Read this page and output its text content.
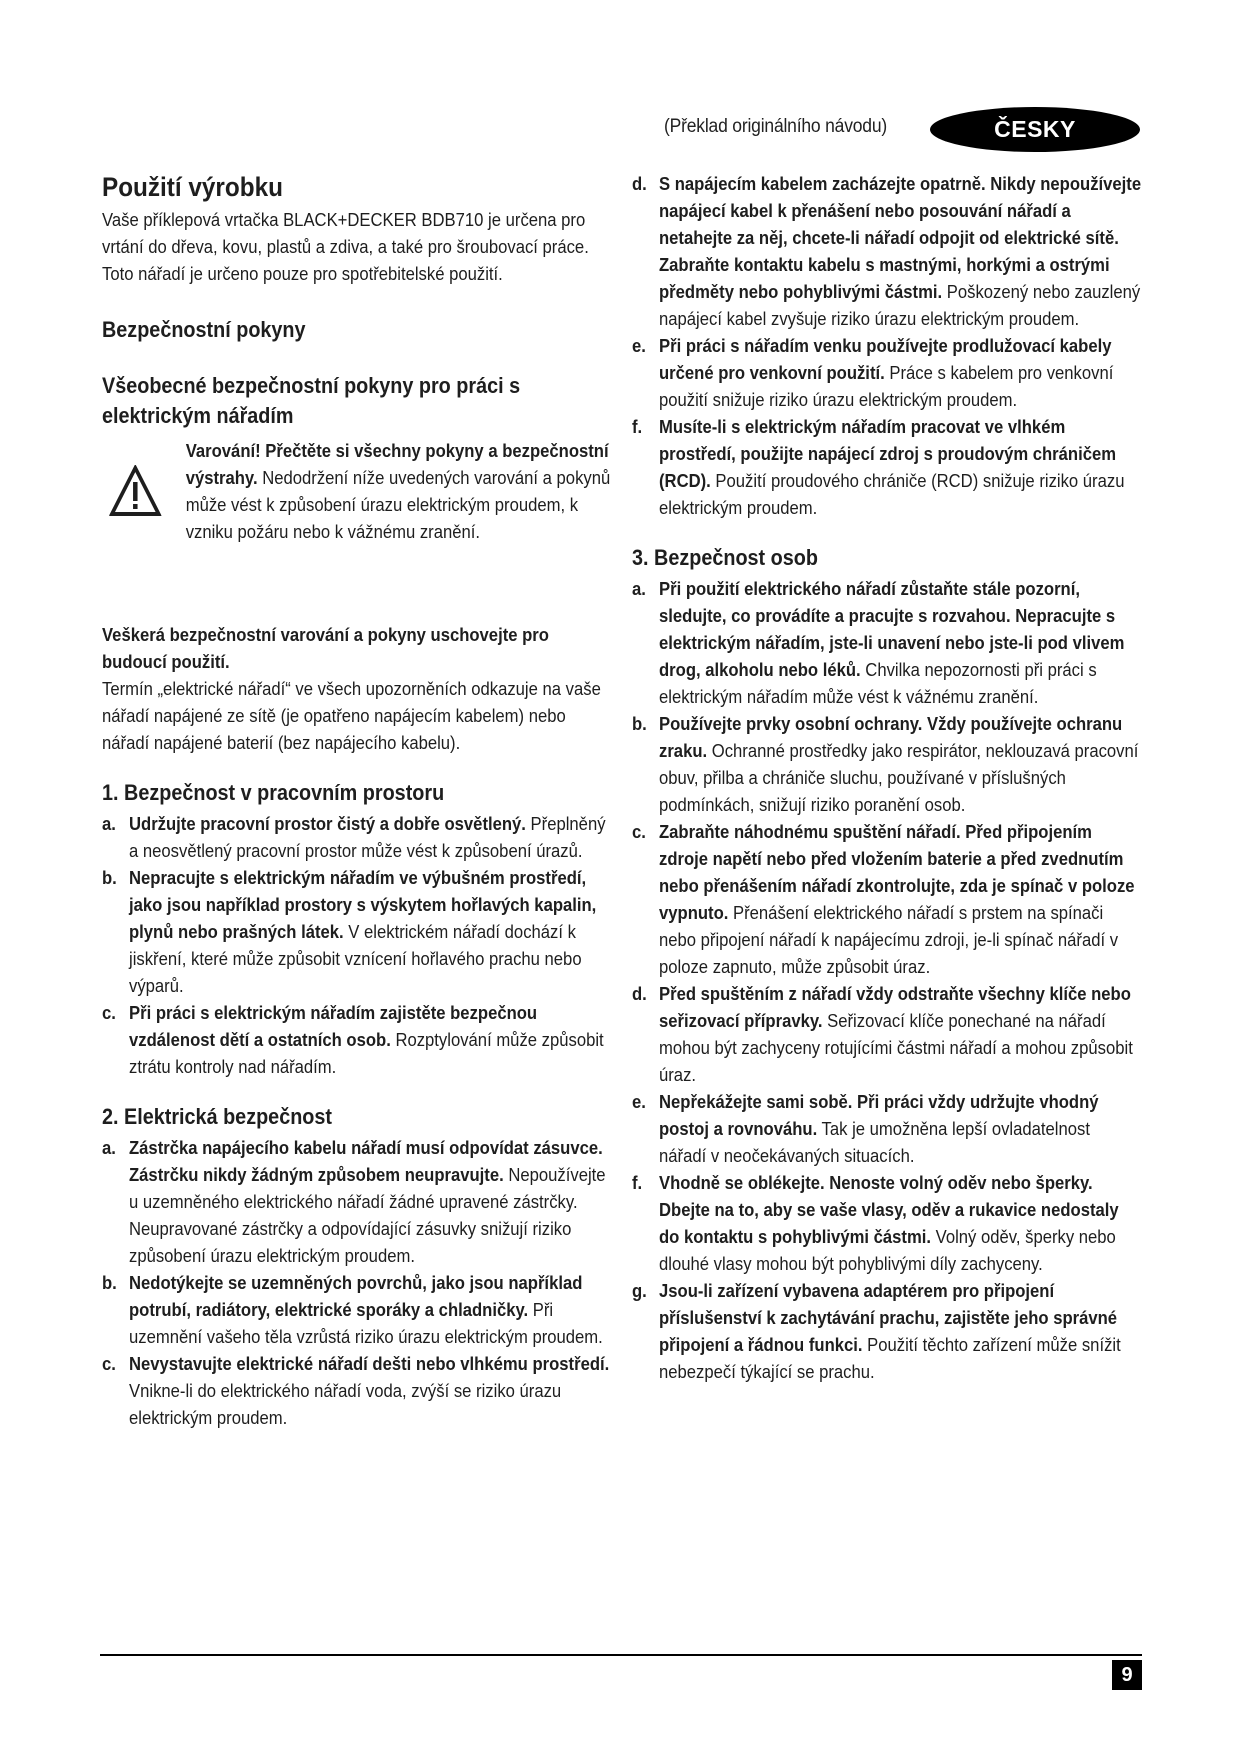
(Překlad originálního návodu)	ČESKY
Použití výrobku

Vaše příklepová vrtačka BLACK+DECKER BDB710 je určena pro vrtání do dřeva, kovu, plastů a zdiva, a také pro šroubovací práce. Toto nářadí je určeno pouze pro spotřebitelské použití.

Bezpečnostní pokyny
Všeobecné bezpečnostní pokyny pro práci s elektrickým nářadím

Varování! Přečtěte si všechny pokyny a bezpečnostní výstrahy. Nedodržení níže uvedených varování a pokynů může vést k způsobení úrazu elektrickým proudem, k vzniku požáru nebo k vážnému zranění.

Veškerá bezpečnostní varování a pokyny uschovejte pro budoucí použití.

Termín „elektrické nářadí“ ve všech upozorněních odkazuje na vaše nářadí napájené ze sítě (je opatřeno napájecím kabelem) nebo nářadí napájené baterií (bez napájecího kabelu).

1. Bezpečnost v pracovním prostoru
a. Udržujte pracovní prostor čistý a dobře osvětlený. Přeplněný a neosvětlený pracovní prostor může vést k způsobení úrazů.
b. Nepracujte s elektrickým nářadím ve výbušném prostředí, jako jsou například prostory s výskytem hořlavých kapalin, plynů nebo prašných látek. V elektrickém nářadí dochází k jiskření, které může způsobit vznícení hořlavého prachu nebo výparů.
c. Při práci s elektrickým nářadím zajistěte bezpečnou vzdálenost dětí a ostatních osob. Rozptylování může způsobit ztrátu kontroly nad nářadím.
2. Elektrická bezpečnost
a. Zástrčka napájecího kabelu nářadí musí odpovídat zásuvce. Zástrčku nikdy žádným způsobem neupravujte. Nepoužívejte u uzemněného elektrického nářadí žádné upravené zástrčky. Neupravované zástrčky a odpovídající zásuvky snižují riziko způsobení úrazu elektrickým proudem.
b. Nedotýkejte se uzemněných povrchů, jako jsou například potrubí, radiátory, elektrické sporáky a chladničky. Při uzemnění vašeho těla vzrůstá riziko úrazu elektrickým proudem.
c. Nevystavujte elektrické nářadí dešti nebo vlhkému prostředí. Vnikne-li do elektrického nářadí voda, zvýší se riziko úrazu elektrickým proudem.
d. S napájecím kabelem zacházejte opatrně. Nikdy nepoužívejte napájecí kabel k přenášení nebo posouvání nářadí a netahejte za něj, chcete-li nářadí odpojit od elektrické sítě. Zabraňte kontaktu kabelu s mastnými, horkými a ostrými předměty nebo pohyblivými částmi. Poškozený nebo zauzlený napájecí kabel zvyšuje riziko úrazu elektrickým proudem.
e. Při práci s nářadím venku používejte prodlužovací kabely určené pro venkovní použití. Práce s kabelem pro venkovní použití snižuje riziko úrazu elektrickým proudem.
f. Musíte-li s elektrickým nářadím pracovat ve vlhkém prostředí, použijte napájecí zdroj s proudovým chráničem (RCD). Použití proudového chrániče (RCD) snižuje riziko úrazu elektrickým proudem.
3. Bezpečnost osob
a. Při použití elektrického nářadí zůstaňte stále pozorní, sledujte, co provádíte a pracujte s rozvahou. Nepracujte s elektrickým nářadím, jste-li unavení nebo jste-li pod vlivem drog, alkoholu nebo léků. Chvilka nepozornosti při práci s elektrickým nářadím může vést k vážnému zranění.
b. Používejte prvky osobní ochrany. Vždy používejte ochranu zraku. Ochranné prostředky jako respirátor, neklouzavá pracovní obuv, přilba a chrániče sluchu, používané v příslušných podmínkách, snižují riziko poranění osob.
c. Zabraňte náhodnému spuštění nářadí. Před připojením zdroje napětí nebo před vložením baterie a před zvednutím nebo přenášením nářadí zkontrolujte, zda je spínač v poloze vypnuto. Přenášení elektrického nářadí s prstem na spínači nebo připojení nářadí k napájecímu zdroji, je-li spínač nářadí v poloze zapnuto, může způsobit úraz.
d. Před spuštěním z nářadí vždy odstraňte všechny klíče nebo seřizovací přípravky. Seřizovací klíče ponechané na nářadí mohou být zachyceny rotujícími částmi nářadí a mohou způsobit úraz.
e. Nepřekážejte sami sobě. Při práci vždy udržujte vhodný postoj a rovnováhu. Tak je umožněna lepší ovladatelnost nářadí v neočekávaných situacích.
f. Vhodně se oblékejte. Nenoste volný oděv nebo šperky. Dbejte na to, aby se vaše vlasy, oděv a rukavice nedostaly do kontaktu s pohyblivými částmi. Volný oděv, šperky nebo dlouhé vlasy mohou být pohyblivými díly zachyceny.
g. Jsou-li zařízení vybavena adaptérem pro připojení příslušenství k zachytávání prachu, zajistěte jeho správné připojení a řádnou funkci. Použití těchto zařízení může snížit nebezpečí týkající se prachu.
9
